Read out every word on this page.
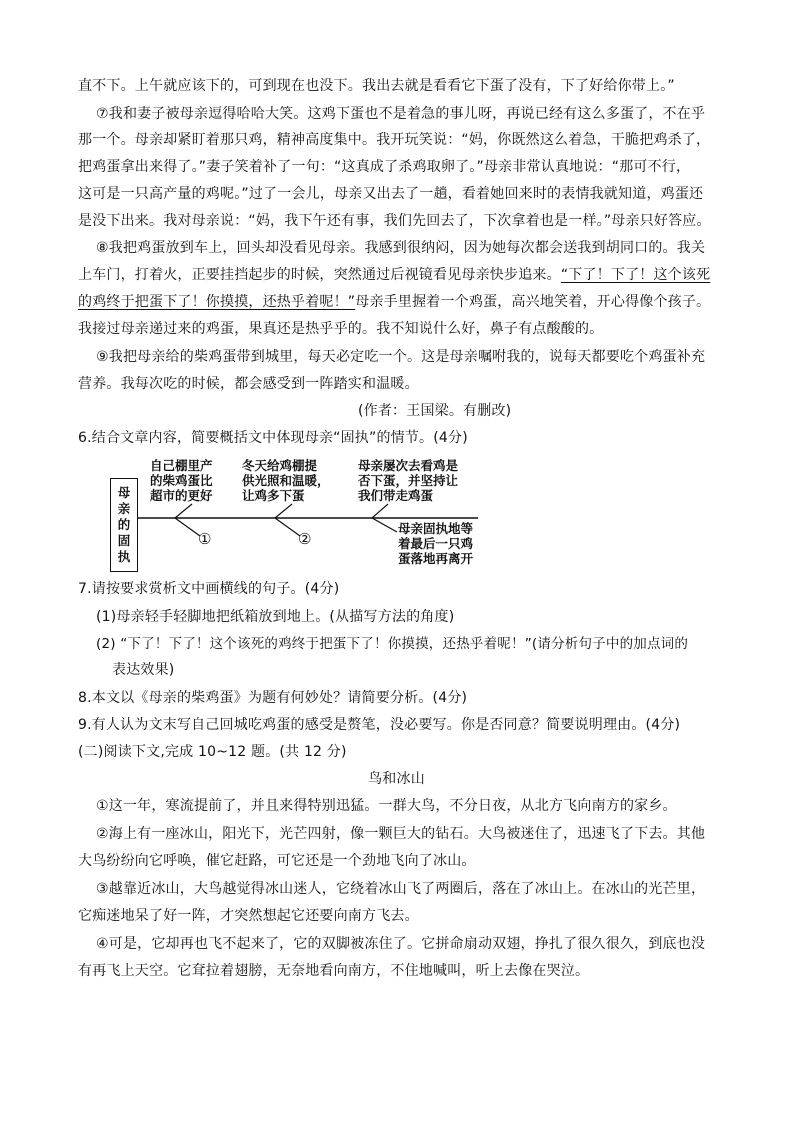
直不下。上午就应该下的，可到现在也没下。我出去就是看看它下蛋了没有，下了好给你带上。”
⑦我和妻子被母亲逗得哈哈大笑。这鸡下蛋也不是着急的事儿呀，再说已经有这么多蛋了，不在乎
那一个。母亲却紧盯着那只鸡，精神高度集中。我开玩笑说：“妈，你既然这么着急，干脆把鸡杀了，
把鸡蛋拿出来得了。”妻子笑着补了一句：“这真成了杀鸡取卵了。”母亲非常认真地说：“那可不行，
这可是一只高产量的鸡呢。”过了一会儿，母亲又出去了一趟，看着她回来时的表情我就知道，鸡蛋还
是没下出来。我对母亲说：“妈，我下午还有事，我们先回去了，下次拿着也是一样。”母亲只好答应。
⑧我把鸡蛋放到车上，回头却没看见母亲。我感到很纳闷，因为她每次都会送我到胡同口的。我关
上车门，打着火，正要挂挡起步的时候，突然通过后视镜看见母亲快步追来。“下了！下了！这个该死
的鸡终于把蛋下了！你摸摸，还热乎着呢！”母亲手里握着一个鸡蛋，高兴地笑着，开心得像个孩子。
我接过母亲递过来的鸡蛋，果真还是热乎乎的。我不知说什么好，鼻子有点酸酸的。
⑨我把母亲给的柴鸡蛋带到城里，每天必定吃一个。这是母亲嘱咐我的，说每天都要吃个鸡蛋补充
营养。我每次吃的时候，都会感受到一阵踏实和温暖。
(作者：王国梁。有删改)
6.结合文章内容，简要概括文中体现母亲“固执”的情节。(4分)
母
亲
的
固
执
自己棚里产
的柴鸡蛋比
超市的更好
冬天给鸡棚提
供光照和温暖，
让鸡多下蛋
母亲屡次去看鸡是
否下蛋，并坚持让
我们带走鸡蛋
①	②
母亲固执地等
着最后一只鸡
蛋落地再离开
7.请按要求赏析文中画横线的句子。(4分)
(1)母亲轻手轻脚地把纸箱放到地上。(从描写方法的角度)
(2) “下了！下了！这个该死的鸡终于把蛋下了！你摸摸，还热乎着呢！”(请分析句子中的加点词的
表达效果)
8.本文以《母亲的柴鸡蛋》为题有何妙处？请简要分析。(4分)
9.有人认为文末写自己回城吃鸡蛋的感受是赘笔，没必要写。你是否同意？简要说明理由。(4分)
(二)阅读下文,完成 10~12 题。(共 12 分)
鸟和冰山
①这一年，寒流提前了，并且来得特别迅猛。一群大鸟，不分日夜，从北方飞向南方的家乡。
②海上有一座冰山，阳光下，光芒四射，像一颗巨大的钻石。大鸟被迷住了，迅速飞了下去。其他
大鸟纷纷向它呼唤，催它赶路，可它还是一个劲地飞向了冰山。
③越靠近冰山，大鸟越觉得冰山迷人，它绕着冰山飞了两圈后，落在了冰山上。在冰山的光芒里，
它痴迷地呆了好一阵，才突然想起它还要向南方飞去。
④可是，它却再也飞不起来了，它的双脚被冻住了。它拼命扇动双翅，挣扎了很久很久，到底也没
有再飞上天空。它耷拉着翅膀，无奈地看向南方，不住地喊叫，听上去像在哭泣。
